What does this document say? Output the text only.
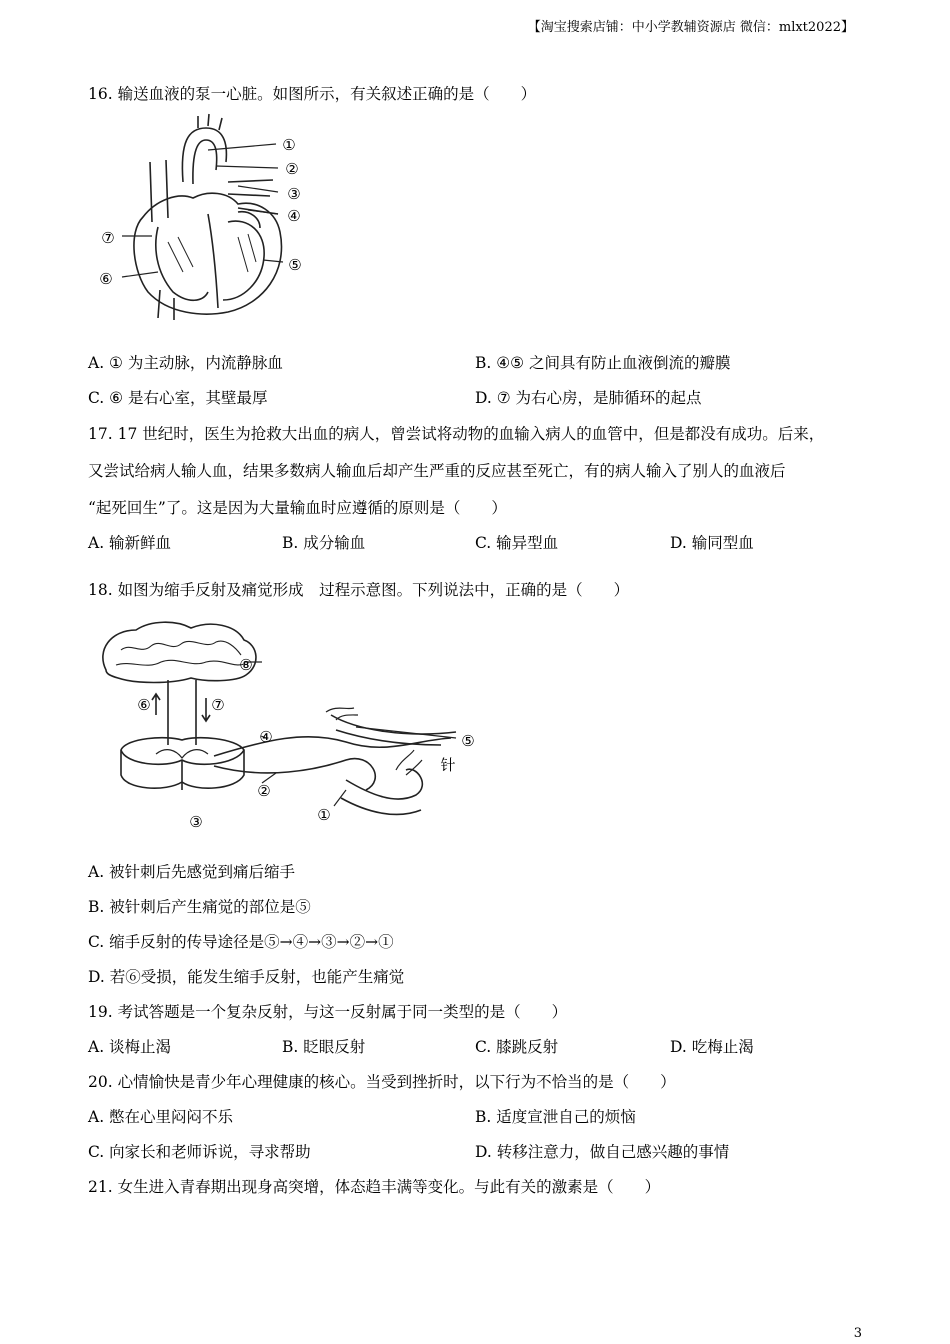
【淘宝搜索店铺：中小学教辅资源店 微信：mlxt2022】
16. 输送血液的泵一心脏。如图所示，有关叙述正确的是（　　）
①
②
③
④
⑤
⑥
⑦
A. ① 为主动脉，内流静脉血	B. ④⑤ 之间具有防止血液倒流的瓣膜
C. ⑥ 是右心室，其壁最厚	D. ⑦ 为右心房，是肺循环的起点
17. 17 世纪时，医生为抢救大出血的病人，曾尝试将动物的血输入病人的血管中，但是都没有成功。后来，
又尝试给病人输人血，结果多数病人输血后却产生严重的反应甚至死亡，有的病人输入了别人的血液后
“起死回生”了。这是因为大量输血时应遵循的原则是（　　）
A. 输新鲜血	B. 成分输血	C. 输异型血	D. 输同型血
18. 如图为缩手反射及痛觉形成　过程示意图。下列说法中，正确的是（　　）
⑧
⑥	⑦
④	⑤
②
③	①
针
A. 被针刺后先感觉到痛后缩手
B. 被针刺后产生痛觉的部位是⑤
C. 缩手反射的传导途径是⑤→④→③→②→①
D. 若⑥受损，能发生缩手反射，也能产生痛觉
19. 考试答题是一个复杂反射，与这一反射属于同一类型的是（　　）
A. 谈梅止渴	B. 眨眼反射	C. 膝跳反射	D. 吃梅止渴
20. 心情愉快是青少年心理健康的核心。当受到挫折时，以下行为不恰当的是（　　）
A. 憋在心里闷闷不乐	B. 适度宣泄自己的烦恼
C. 向家长和老师诉说，寻求帮助	D. 转移注意力，做自己感兴趣的事情
21. 女生进入青春期出现身高突增，体态趋丰满等变化。与此有关的激素是（　　）
3
